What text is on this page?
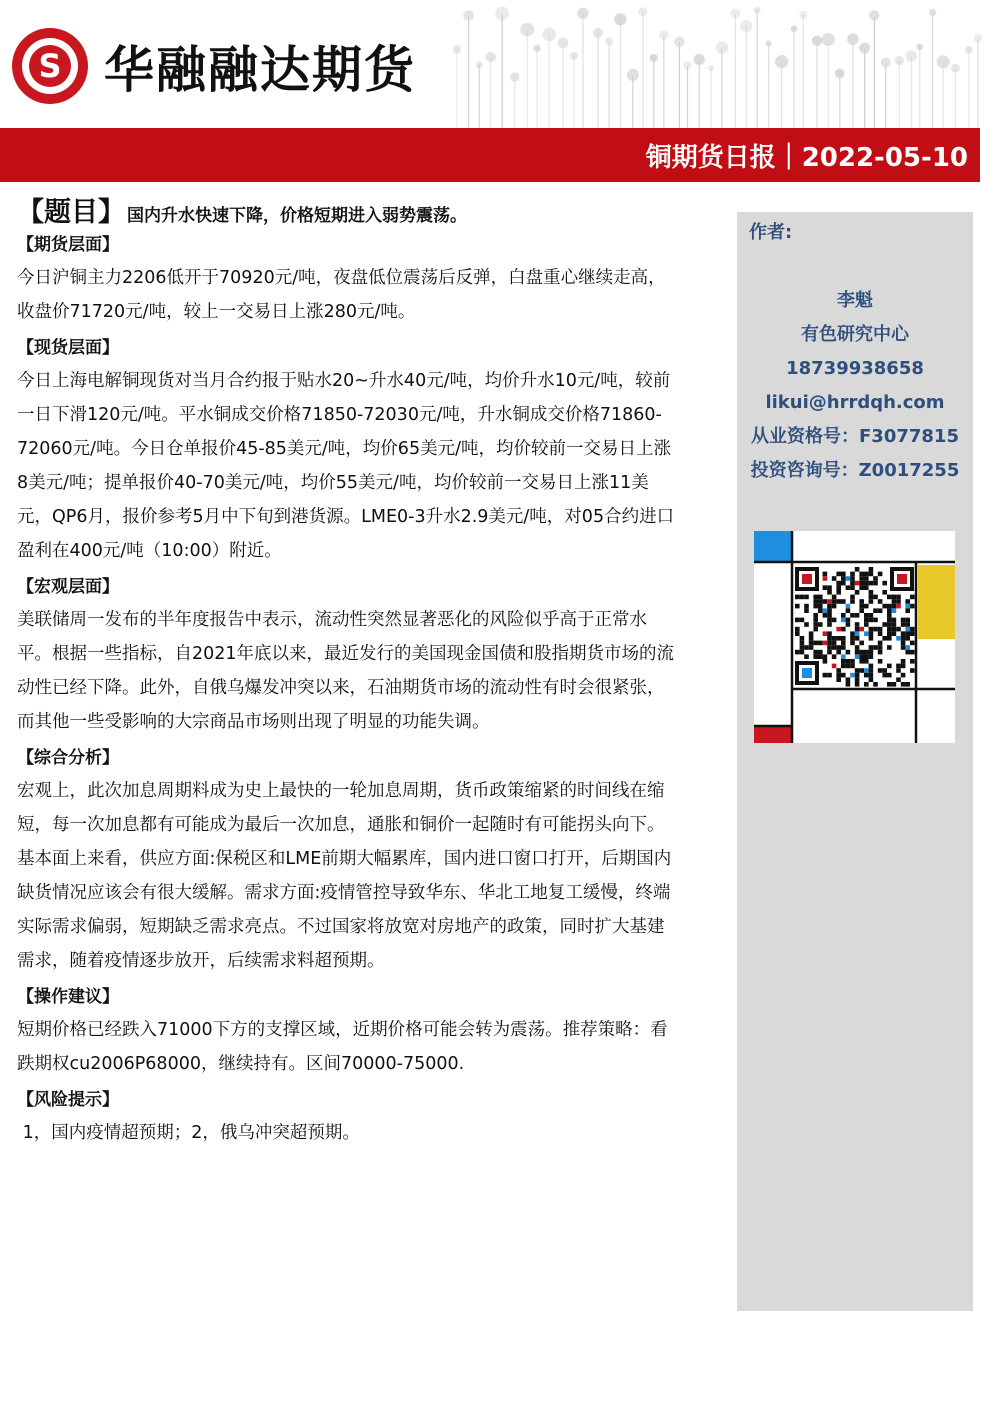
S
华融融达期货
铜期货日报｜2022-05-10
【题目】 国内升水快速下降，价格短期进入弱势震荡。
【期货层面】
今日沪铜主力2206低开于70920元/吨，夜盘低位震荡后反弹，白盘重心继续走高，
收盘价71720元/吨，较上一交易日上涨280元/吨。
【现货层面】
今日上海电解铜现货对当月合约报于贴水20~升水40元/吨，均价升水10元/吨，较前
一日下滑120元/吨。平水铜成交价格71850-72030元/吨，升水铜成交价格71860-
72060元/吨。今日仓单报价45-85美元/吨，均价65美元/吨，均价较前一交易日上涨
8美元/吨；提单报价40-70美元/吨，均价55美元/吨，均价较前一交易日上涨11美
元，QP6月，报价参考5月中下旬到港货源。LME0-3升水2.9美元/吨，对05合约进口
盈利在400元/吨（10:00）附近。
【宏观层面】
美联储周一发布的半年度报告中表示，流动性突然显著恶化的风险似乎高于正常水
平。根据一些指标，自2021年底以来，最近发行的美国现金国债和股指期货市场的流
动性已经下降。此外，自俄乌爆发冲突以来，石油期货市场的流动性有时会很紧张，
而其他一些受影响的大宗商品市场则出现了明显的功能失调。
【综合分析】
宏观上，此次加息周期料成为史上最快的一轮加息周期，货币政策缩紧的时间线在缩
短，每一次加息都有可能成为最后一次加息，通胀和铜价一起随时有可能拐头向下。
基本面上来看，供应方面:保税区和LME前期大幅累库，国内进口窗口打开，后期国内
缺货情况应该会有很大缓解。需求方面:疫情管控导致华东、华北工地复工缓慢，终端
实际需求偏弱，短期缺乏需求亮点。不过国家将放宽对房地产的政策，同时扩大基建
需求，随着疫情逐步放开，后续需求料超预期。
【操作建议】
短期价格已经跌入71000下方的支撑区域，近期价格可能会转为震荡。推荐策略：看
跌期权cu2006P68000，继续持有。区间70000-75000.
【风险提示】
1，国内疫情超预期；2，俄乌冲突超预期。
作者:
李魁
有色研究中心
18739938658
likui@hrrdqh.com
从业资格号：F3077815
投资咨询号：Z0017255
